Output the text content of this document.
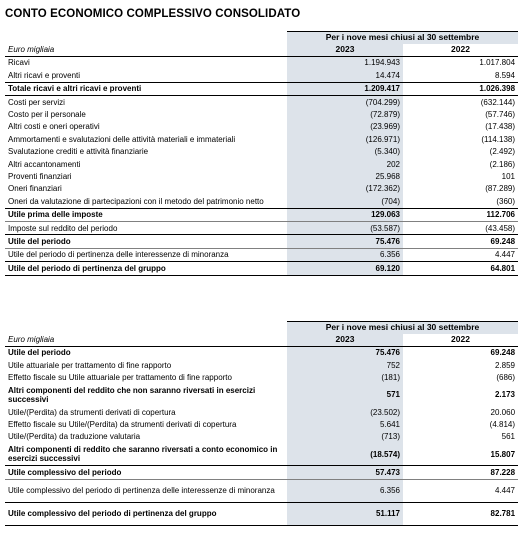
CONTO ECONOMICO COMPLESSIVO CONSOLIDATO
	Per i nove mesi chiusi al 30 settembre	
Euro migliaia	2023	2022
Ricavi	1.194.943	1.017.804
Altri ricavi e proventi	14.474	8.594
Totale ricavi e altri ricavi e proventi	1.209.417	1.026.398
Costi per servizi	(704.299)	(632.144)
Costo per il personale	(72.879)	(57.746)
Altri costi e oneri operativi	(23.969)	(17.438)
Ammortamenti e svalutazioni delle attività materiali e immateriali	(126.971)	(114.138)
Svalutazione crediti e attività finanziarie	(5.340)	(2.492)
Altri accantonamenti	202	(2.186)
Proventi finanziari	25.968	101
Oneri finanziari	(172.362)	(87.289)
Oneri da valutazione di partecipazioni con il metodo del patrimonio netto	(704)	(360)
Utile prima delle imposte	129.063	112.706
Imposte sul reddito del periodo	(53.587)	(43.458)
Utile del periodo	75.476	69.248
Utile del periodo di pertinenza delle interessenze di minoranza	6.356	4.447
Utile del periodo di pertinenza del gruppo	69.120	64.801
	Per i nove mesi chiusi al 30 settembre	
Euro migliaia	2023	2022
Utile del periodo	75.476	69.248
Utile attuariale per trattamento di fine rapporto	752	2.859
Effetto fiscale su Utile attuariale per trattamento di fine rapporto	(181)	(686)
Altri componenti del reddito che non saranno riversati in esercizi successivi	571	2.173
Utile/(Perdita) da strumenti derivati di copertura	(23.502)	20.060
Effetto fiscale su Utile/(Perdita) da strumenti derivati di copertura	5.641	(4.814)
Utile/(Perdita) da traduzione valutaria	(713)	561
Altri componenti di reddito che saranno riversati a conto economico in esercizi successivi	(18.574)	15.807
Utile complessivo del periodo	57.473	87.228
Utile complessivo del periodo di pertinenza delle interessenze di minoranza	6.356	4.447
Utile complessivo del periodo di pertinenza del gruppo	51.117	82.781
